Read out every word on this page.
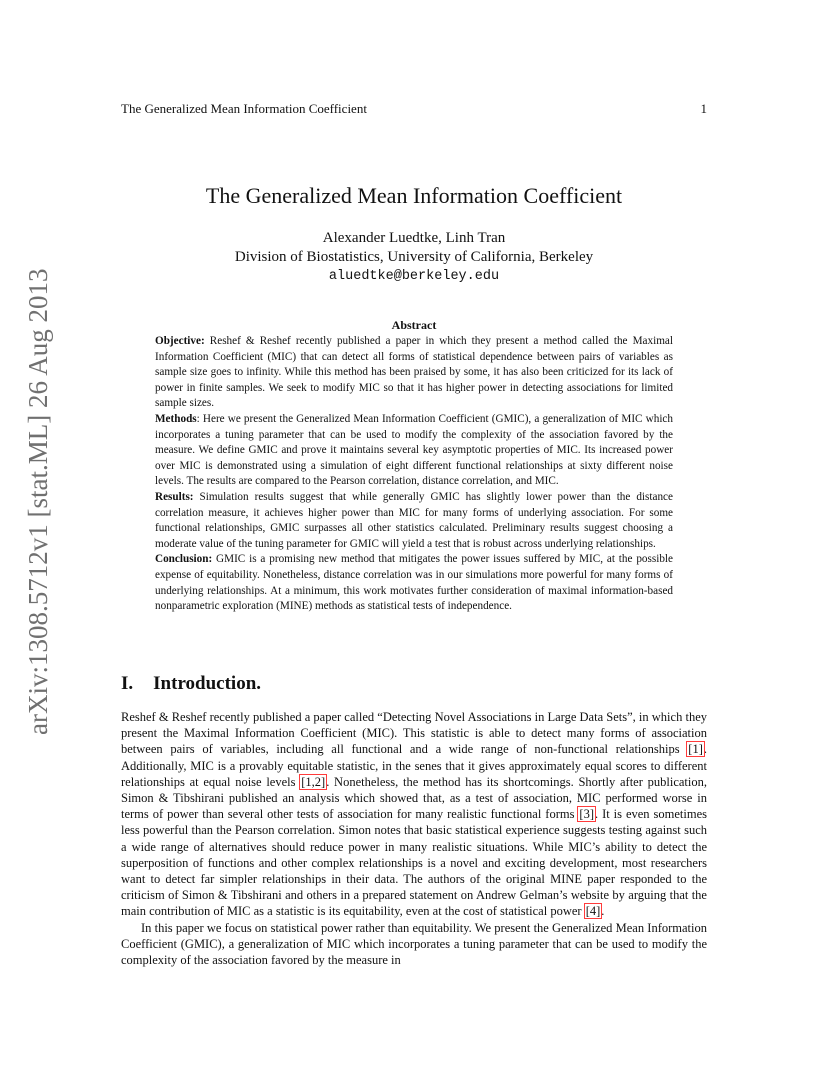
arXiv:1308.5712v1 [stat.ML] 26 Aug 2013
The Generalized Mean Information Coefficient	1
The Generalized Mean Information Coefficient
Alexander Luedtke, Linh Tran
Division of Biostatistics, University of California, Berkeley
aluedtke@berkeley.edu
Abstract

Objective: Reshef & Reshef recently published a paper in which they present a method called the Maximal Information Coefficient (MIC) that can detect all forms of statistical dependence between pairs of variables as sample size goes to infinity. While this method has been praised by some, it has also been criticized for its lack of power in finite samples. We seek to modify MIC so that it has higher power in detecting associations for limited sample sizes.

Methods: Here we present the Generalized Mean Information Coefficient (GMIC), a generalization of MIC which incorporates a tuning parameter that can be used to modify the complexity of the association favored by the measure. We define GMIC and prove it maintains several key asymptotic properties of MIC. Its increased power over MIC is demonstrated using a simulation of eight different functional relationships at sixty different noise levels. The results are compared to the Pearson correlation, distance correlation, and MIC.

Results: Simulation results suggest that while generally GMIC has slightly lower power than the distance correlation measure, it achieves higher power than MIC for many forms of underlying association. For some functional relationships, GMIC surpasses all other statistics calculated. Preliminary results suggest choosing a moderate value of the tuning parameter for GMIC will yield a test that is robust across underlying relationships.

Conclusion: GMIC is a promising new method that mitigates the power issues suffered by MIC, at the possible expense of equitability. Nonetheless, distance correlation was in our simulations more powerful for many forms of underlying relationships. At a minimum, this work motivates further consideration of maximal information-based nonparametric exploration (MINE) methods as statistical tests of independence.

I. Introduction.

Reshef & Reshef recently published a paper called “Detecting Novel Associations in Large Data Sets”, in which they present the Maximal Information Coefficient (MIC). This statistic is able to detect many forms of association between pairs of variables, including all functional and a wide range of non-functional relationships [1]. Additionally, MIC is a provably equitable statistic, in the senes that it gives approximately equal scores to different relationships at equal noise levels [1,2]. Nonetheless, the method has its shortcomings. Shortly after publication, Simon & Tibshirani published an analysis which showed that, as a test of association, MIC performed worse in terms of power than several other tests of association for many realistic functional forms [3]. It is even sometimes less powerful than the Pearson correlation. Simon notes that basic statistical experience suggests testing against such a wide range of alternatives should reduce power in many realistic situations. While MIC’s ability to detect the superposition of functions and other complex relationships is a novel and exciting development, most researchers want to detect far simpler relationships in their data. The authors of the original MINE paper responded to the criticism of Simon & Tibshirani and others in a prepared statement on Andrew Gelman’s website by arguing that the main contribution of MIC as a statistic is its equitability, even at the cost of statistical power [4].

In this paper we focus on statistical power rather than equitability. We present the Generalized Mean Information Coefficient (GMIC), a generalization of MIC which incorporates a tuning parameter that can be used to modify the complexity of the association favored by the measure in
